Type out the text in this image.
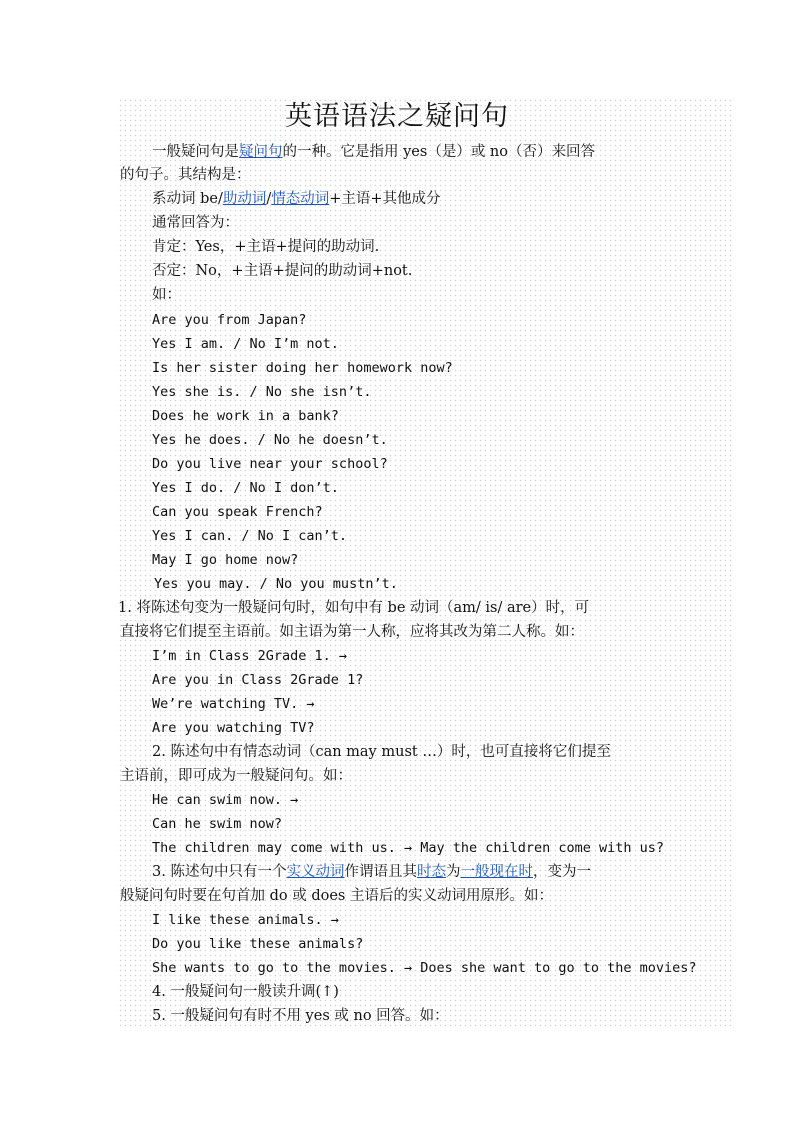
英语语法之疑问句
一般疑问句是疑问句的一种。它是指用 yes（是）或 no（否）来回答
的句子。其结构是：
系动词 be/助动词/情态动词+主语+其他成分
通常回答为：
肯定：Yes，+主语+提问的助动词.
否定：No，+主语+提问的助动词+not.
如：
Are you from Japan?
Yes I am. / No I’m not.
Is her sister doing her homework now?
Yes she is. / No she isn’t.
Does he work in a bank?
Yes he does. / No he doesn’t.
Do you live near your school?
Yes I do. / No I don’t.
Can you speak French?
Yes I can. / No I can’t.
May I go home now?
Yes you may. / No you mustn’t.
1. 将陈述句变为一般疑问句时，如句中有 be 动词（am/ is/ are）时，可
直接将它们提至主语前。如主语为第一人称，应将其改为第二人称。如：
I’m in Class 2Grade 1. →
Are you in Class 2Grade 1?
We’re watching TV. →
Are you watching TV?
2. 陈述句中有情态动词（can may must …）时，也可直接将它们提至
主语前，即可成为一般疑问句。如：
He can swim now. →
Can he swim now?
The children may come with us. → May the children come with us?
3. 陈述句中只有一个实义动词作谓语且其时态为一般现在时，变为一
般疑问句时要在句首加 do 或 does 主语后的实义动词用原形。如：
I like these animals. →
Do you like these animals?
She wants to go to the movies. → Does she want to go to the movies?
4. 一般疑问句一般读升调(↑)
5. 一般疑问句有时不用 yes 或 no 回答。如：
